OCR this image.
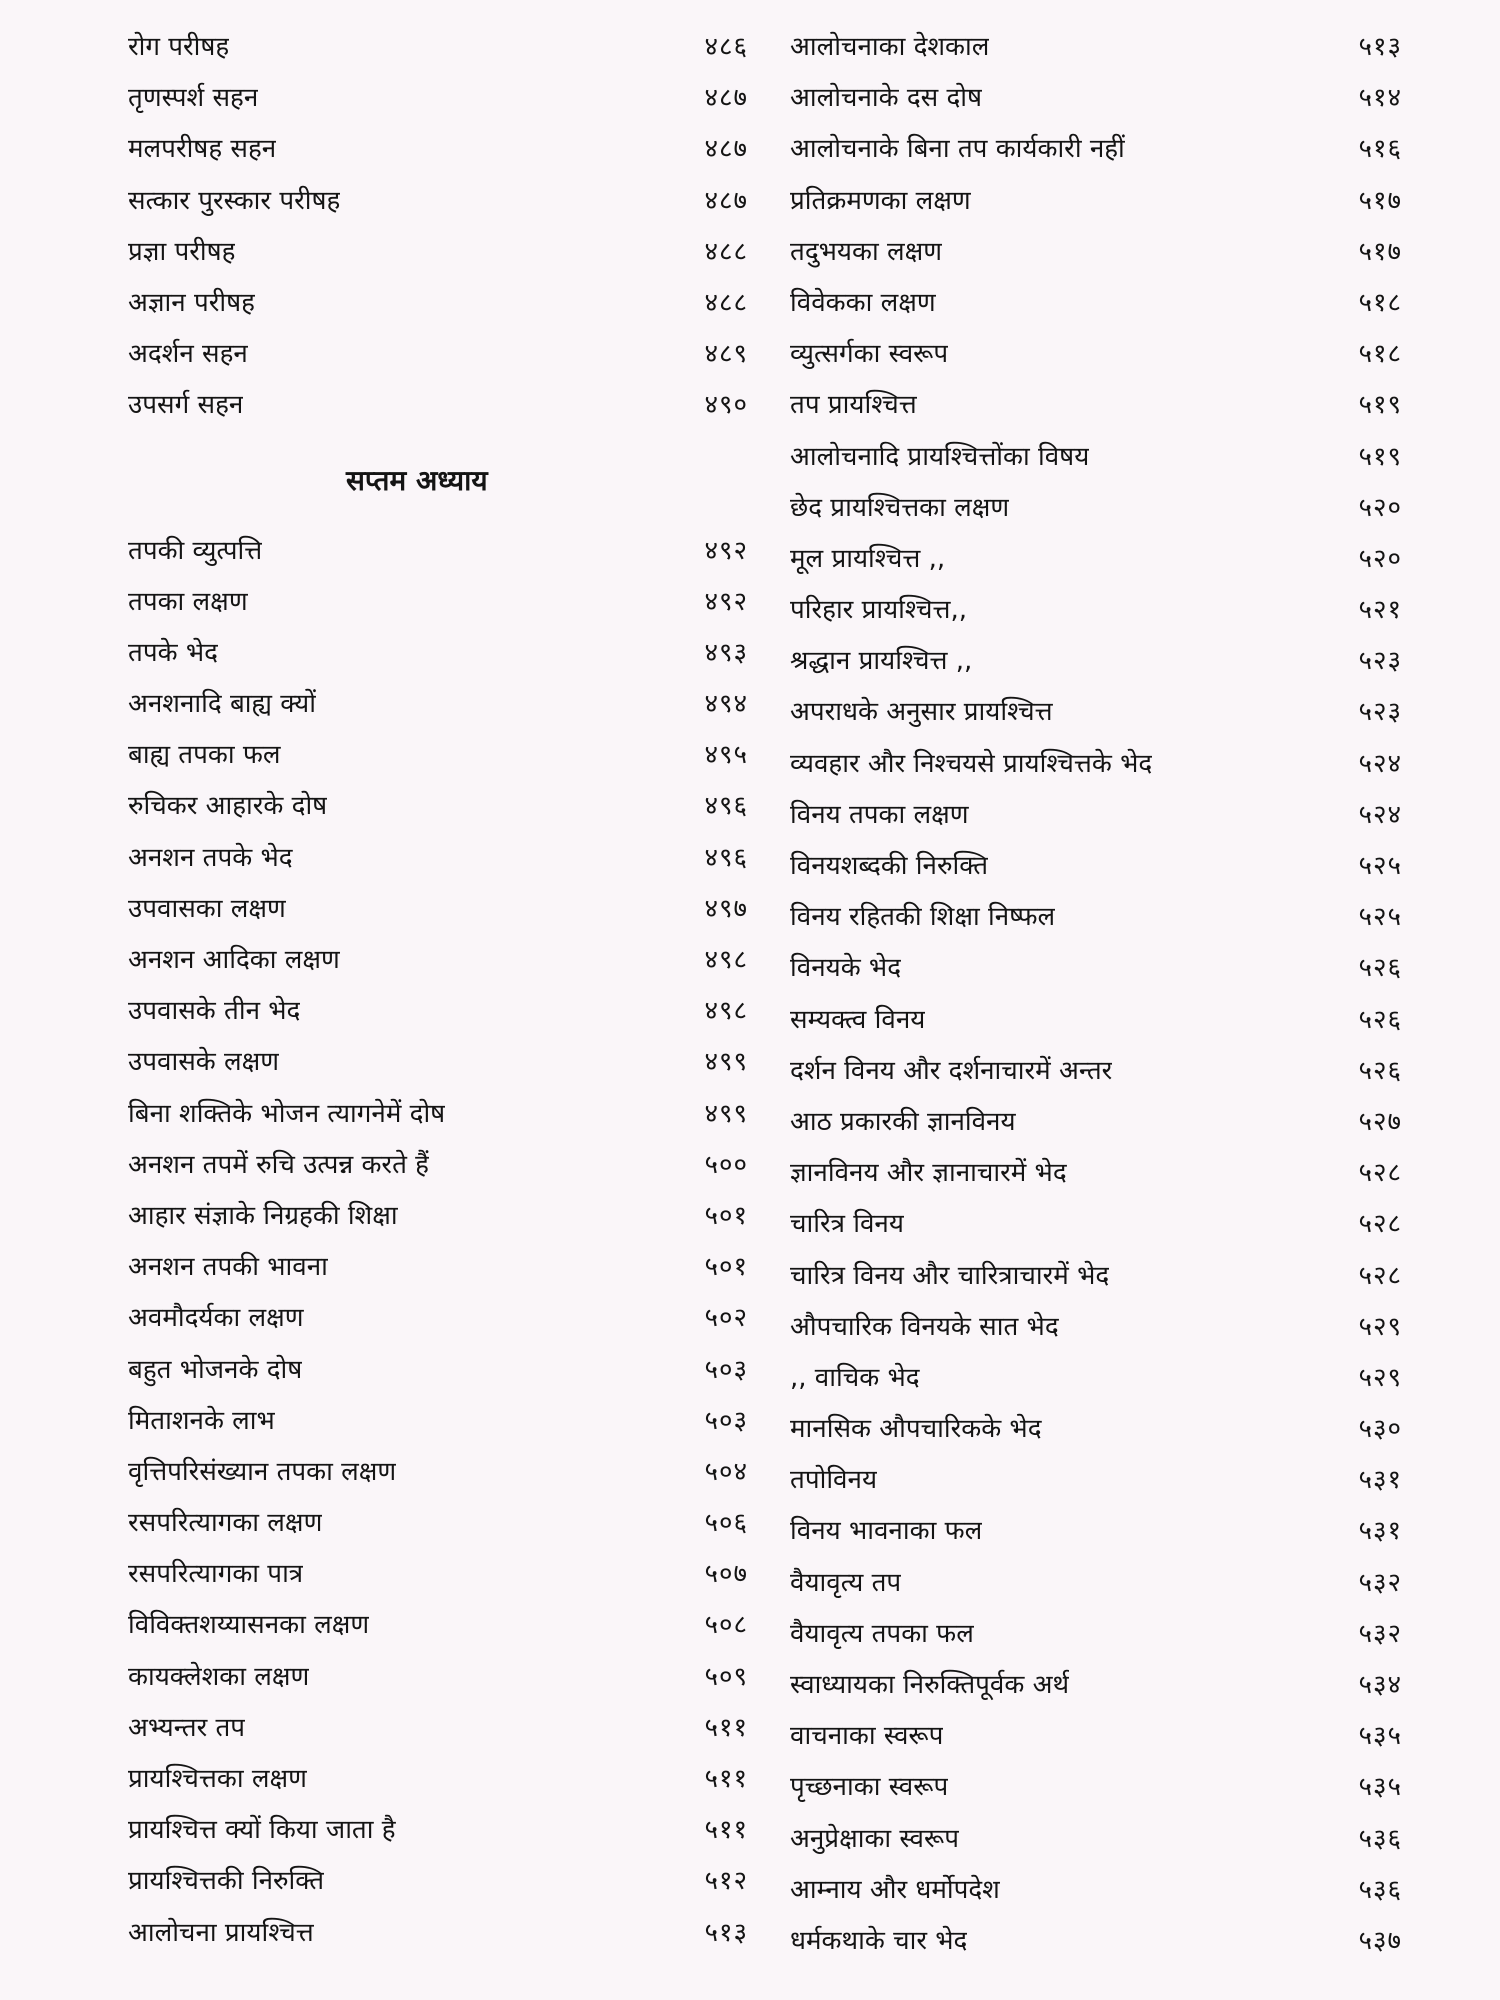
रोग परीषह	४८६
तृणस्पर्श सहन	४८७
मलपरीषह सहन	४८७
सत्कार पुरस्कार परीषह	४८७
प्रज्ञा परीषह	४८८
अज्ञान परीषह	४८८
अदर्शन सहन	४८९
उपसर्ग सहन	४९०
सप्तम अध्याय
तपकी व्युत्पत्ति	४९२
तपका लक्षण	४९२
तपके भेद	४९३
अनशनादि बाह्य क्यों	४९४
बाह्य तपका फल	४९५
रुचिकर आहारके दोष	४९६
अनशन तपके भेद	४९६
उपवासका लक्षण	४९७
अनशन आदिका लक्षण	४९८
उपवासके तीन भेद	४९८
उपवासके लक्षण	४९९
बिना शक्तिके भोजन त्यागनेमें दोष	४९९
अनशन तपमें रुचि उत्पन्न करते हैं	५००
आहार संज्ञाके निग्रहकी शिक्षा	५०१
अनशन तपकी भावना	५०१
अवमौदर्यका लक्षण	५०२
बहुत भोजनके दोष	५०३
मिताशनके लाभ	५०३
वृत्तिपरिसंख्यान तपका लक्षण	५०४
रसपरित्यागका लक्षण	५०६
रसपरित्यागका पात्र	५०७
विविक्तशय्यासनका लक्षण	५०८
कायक्लेशका लक्षण	५०९
अभ्यन्तर तप	५११
प्रायश्चित्तका लक्षण	५११
प्रायश्चित्त क्यों किया जाता है	५११
प्रायश्चित्तकी निरुक्ति	५१२
आलोचना प्रायश्चित्त	५१३
आलोचनाका देशकाल	५१३
आलोचनाके दस दोष	५१४
आलोचनाके बिना तप कार्यकारी नहीं	५१६
प्रतिक्रमणका लक्षण	५१७
तदुभयका लक्षण	५१७
विवेकका लक्षण	५१८
व्युत्सर्गका स्वरूप	५१८
तप प्रायश्चित्त	५१९
आलोचनादि प्रायश्चित्तोंका विषय	५१९
छेद प्रायश्चित्तका लक्षण	५२०
मूल प्रायश्चित्त ,,	५२०
परिहार प्रायश्चित्त,,	५२१
श्रद्धान प्रायश्चित्त ,,	५२३
अपराधके अनुसार प्रायश्चित्त	५२३
व्यवहार और निश्चयसे प्रायश्चित्तके भेद	५२४
विनय तपका लक्षण	५२४
विनयशब्दकी निरुक्ति	५२५
विनय रहितकी शिक्षा निष्फल	५२५
विनयके भेद	५२६
सम्यक्त्व विनय	५२६
दर्शन विनय और दर्शनाचारमें अन्तर	५२६
आठ प्रकारकी ज्ञानविनय	५२७
ज्ञानविनय और ज्ञानाचारमें भेद	५२८
चारित्र विनय	५२८
चारित्र विनय और चारित्राचारमें भेद	५२८
औपचारिक विनयके सात भेद	५२९
,, वाचिक भेद	५२९
मानसिक औपचारिकके भेद	५३०
तपोविनय	५३१
विनय भावनाका फल	५३१
वैयावृत्य तप	५३२
वैयावृत्य तपका फल	५३२
स्वाध्यायका निरुक्तिपूर्वक अर्थ	५३४
वाचनाका स्वरूप	५३५
पृच्छनाका स्वरूप	५३५
अनुप्रेक्षाका स्वरूप	५३६
आम्नाय और धर्मोपदेश	५३६
धर्मकथाके चार भेद	५३७
